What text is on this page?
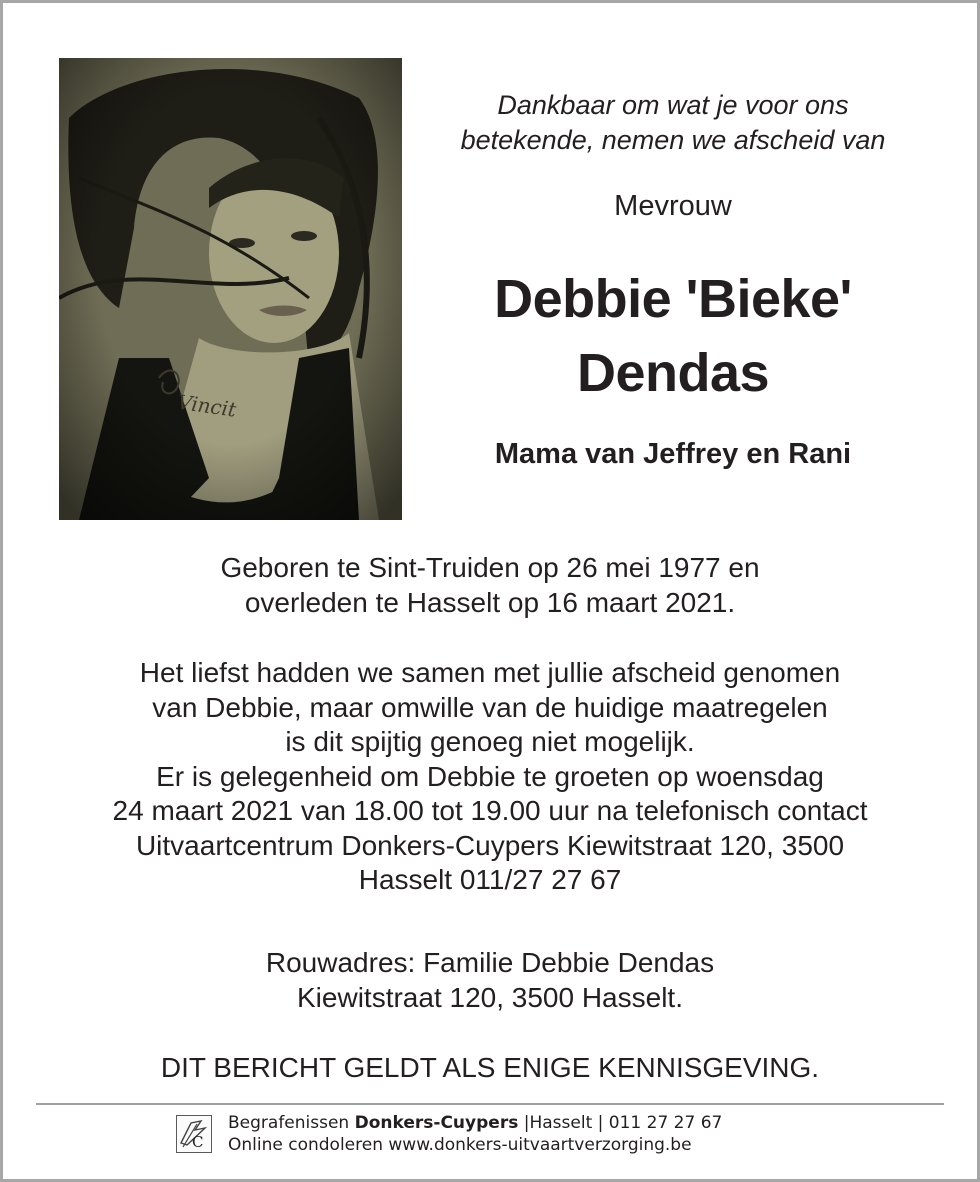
Dankbaar om wat je voor ons
betekende, nemen we afscheid van
Mevrouw
Debbie 'Bieke'
Dendas
Mama van Jeffrey en Rani
Geboren te Sint-Truiden op 26 mei 1977 en
overleden te Hasselt op 16 maart 2021.
Het liefst hadden we samen met jullie afscheid genomen
van Debbie, maar omwille van de huidige maatregelen
is dit spijtig genoeg niet mogelijk.
Er is gelegenheid om Debbie te groeten op woensdag
24 maart 2021 van 18.00 tot 19.00 uur na telefonisch contact
Uitvaartcentrum Donkers-Cuypers Kiewitstraat 120, 3500
Hasselt 011/27 27 67
Rouwadres: Familie Debbie Dendas
Kiewitstraat 120, 3500 Hasselt.
DIT BERICHT GELDT ALS ENIGE KENNISGEVING.
C
Begrafenissen Donkers-Cuypers |Hasselt | 011 27 27 67
Online condoleren www.donkers-uitvaartverzorging.be
